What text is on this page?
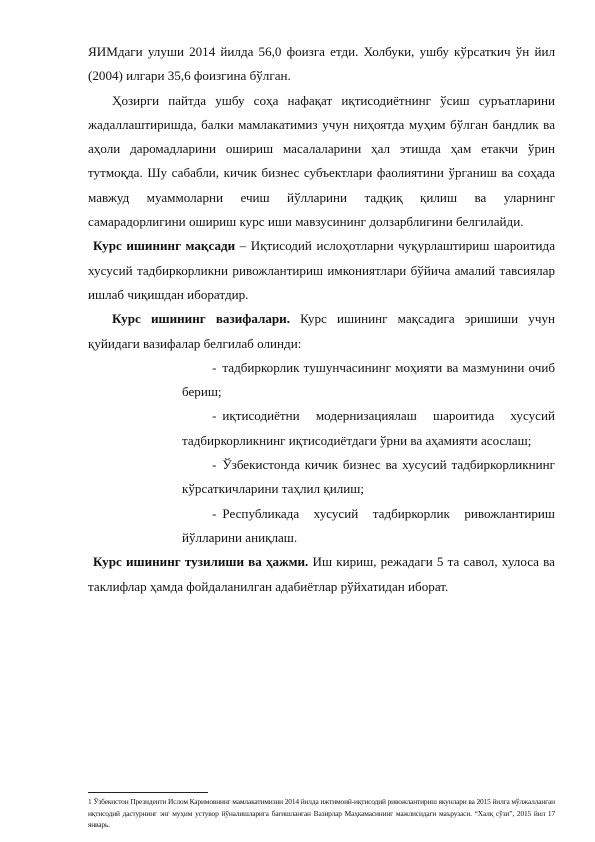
ЯИМдаги улуши 2014 йилда 56,0 фоизга етди. Холбуки, ушбу кўрсаткич ўн йил (2004) илгари 35,6 фоизгина бўлган.

Ҳозирги пайтда ушбу соҳа нафақат иқтисодиётнинг ўсиш суръатларини жадаллаштиришда, балки мамлакатимиз учун ниҳоятда муҳим бўлган бандлик ва аҳоли даромадларини ошириш масалаларини ҳал этишда ҳам етакчи ўрин тутмоқда. Шу сабабли, кичик бизнес субъектлари фаолиятини ўрганиш ва соҳада мавжуд муаммоларни ечиш йўлларини тадқиқ қилиш ва уларнинг самарадорлигини ошириш курс иши мавзусининг долзарблигини белгилайди.

Курс ишининг мақсади – Иқтисодий ислоҳотларни чуқурлаштириш шароитида хусусий тадбиркорликни ривожлантириш имкониятлари бўйича амалий тавсиялар ишлаб чиқишдан иборатдир.

Курс ишининг вазифалари. Курс ишининг мақсадига эришиши учун қуйидаги вазифалар белгилаб олинди:

- тадбиркорлик тушунчасининг моҳияти ва мазмунини очиб бериш;
- иқтисодиётни модернизациялаш шароитида хусусий тадбиркорликнинг иқтисодиётдаги ўрни ва аҳамияти асослаш;
- Ўзбекистонда кичик бизнес ва хусусий тадбиркорликнинг кўрсаткичларини таҳлил қилиш;
- Республикада хусусий тадбиркорлик ривожлантириш йўлларини аниқлаш.

Курс ишининг тузилиши ва ҳажми. Иш кириш, режадаги 5 та савол, хулоса ва таклифлар ҳамда фойдаланилган адабиётлар рўйхатидан иборат.

1 Ўзбекистон Президенти Ислом Каримовнинг мамлакатимизни 2014 йилда ижтимоий-иқтисодий ривожлантириш якунлари ва 2015 йилга мўлжалланган иқтисодий дастурнинг энг муҳим устувор йўналишларига бағишланган Вазирлар Маҳкамасининг мажлисидаги маърузаси. “Халқ сўзи”, 2015 йил 17 январь.
